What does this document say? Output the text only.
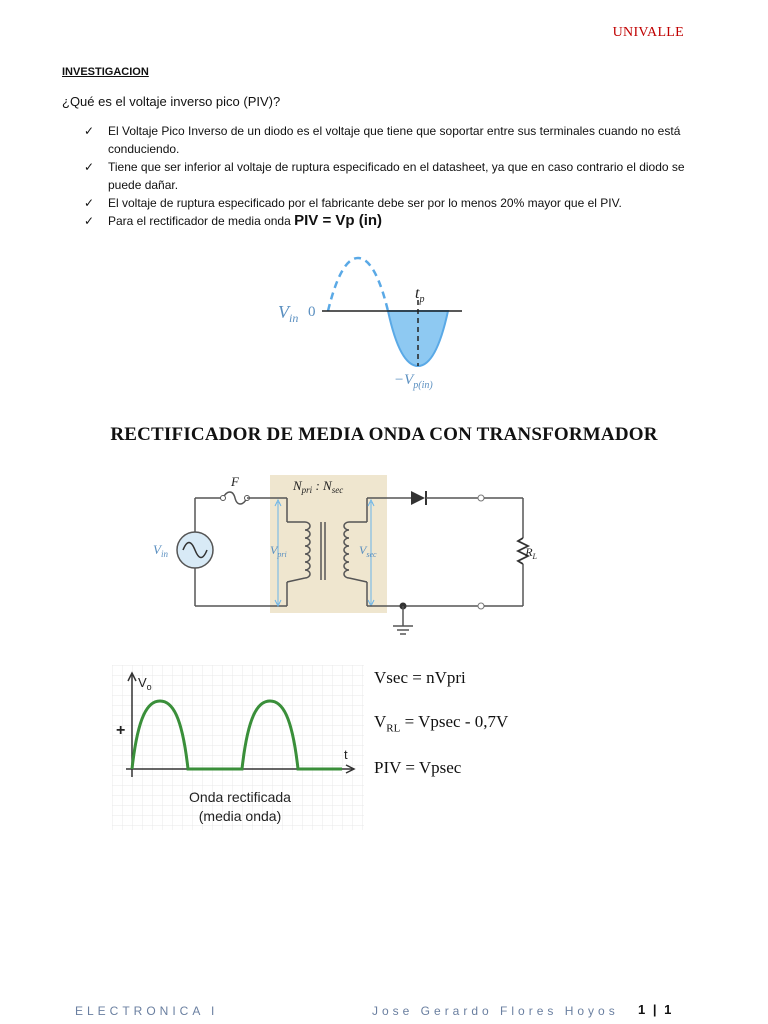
UNIVALLE
INVESTIGACION
¿Qué es el voltaje inverso pico (PIV)?
✓ El Voltaje Pico Inverso de un diodo es el voltaje que tiene que soportar entre sus terminales cuando no está conduciendo.
✓ Tiene que ser inferior al voltaje de ruptura especificado en el datasheet, ya que en caso contrario el diodo se puede dañar.
✓ El voltaje de ruptura especificado por el fabricante debe ser por lo menos 20% mayor que el PIV.
✓ Para el rectificador de media onda PIV = Vp (in)
$V_{in}$ 0
$t_p$
$-V_{p(in)}$
RECTIFICADOR DE MEDIA ONDA CON TRANSFORMADOR
$V_{in}$
F	$N_{pri}$ : $N_{sec}$
$V_{pri}$	$V_{sec}$	$R_L$
$V_o$
+
t
Onda rectificada
(media onda)
Vsec = nVpri
$V_{RL} = Vpsec - 0,7V$
PIV = Vpsec
ELECTRONICA I	Jose Gerardo Flores Hoyos 1 | 1
